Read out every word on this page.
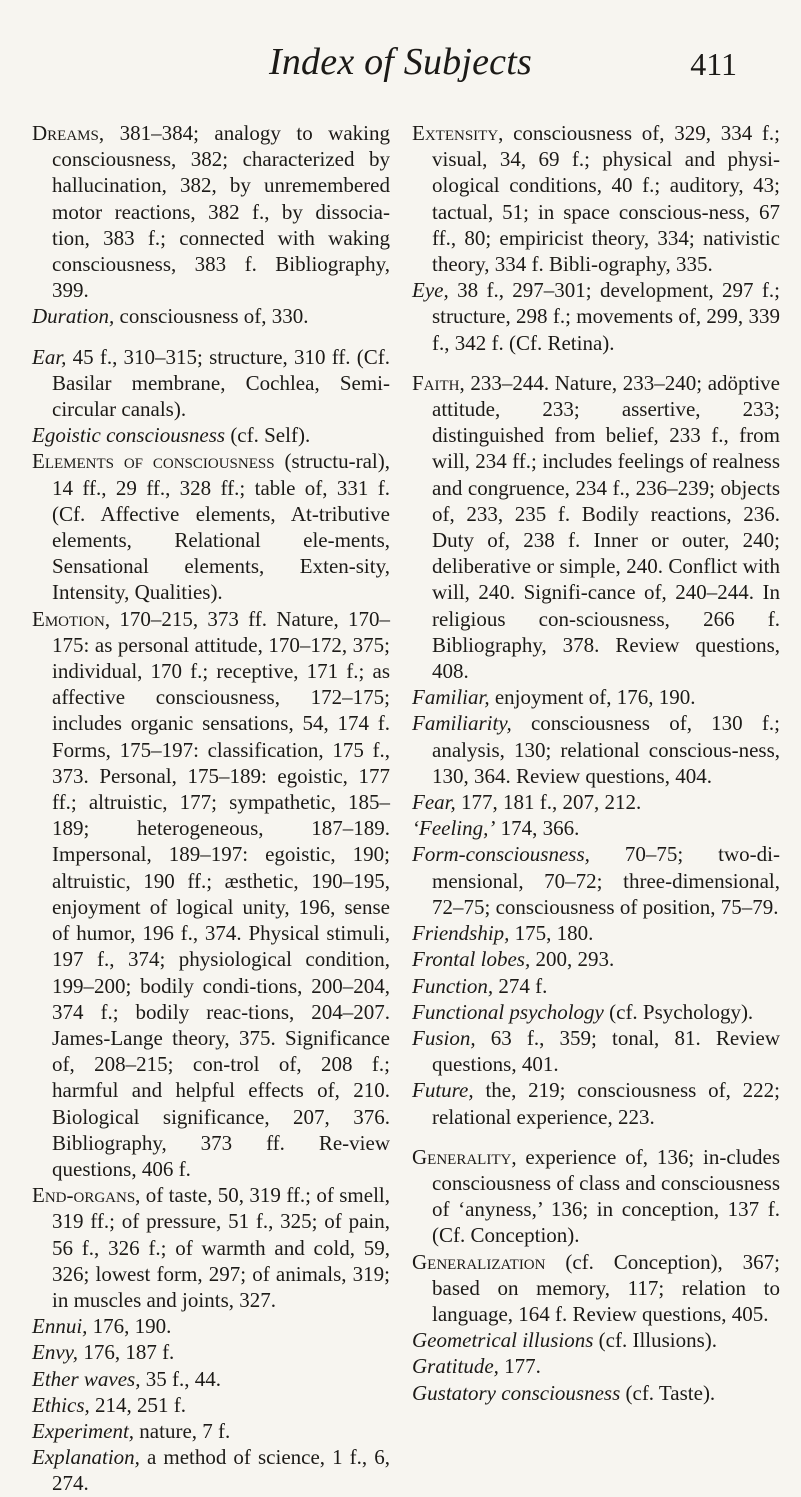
Index of Subjects	411

Dreams, 381–384; analogy to waking consciousness, 382; characterized by hallucination, 382, by unremembered motor reactions, 382 f., by dissocia-tion, 383 f.; connected with waking consciousness, 383 f. Bibliography, 399.

Duration, consciousness of, 330.

Ear, 45 f., 310–315; structure, 310 ff. (Cf. Basilar membrane, Cochlea, Semi-circular canals).

Egoistic consciousness (cf. Self).

Elements of consciousness (structu-ral), 14 ff., 29 ff., 328 ff.; table of, 331 f. (Cf. Affective elements, At-tributive elements, Relational ele-ments, Sensational elements, Exten-sity, Intensity, Qualities).

Emotion, 170–215, 373 ff. Nature, 170–175: as personal attitude, 170–172, 375; individual, 170 f.; receptive, 171 f.; as affective consciousness, 172–175; includes organic sensations, 54, 174 f. Forms, 175–197: classification, 175 f., 373. Personal, 175–189: egoistic, 177 ff.; altruistic, 177; sympathetic, 185–189; heterogeneous, 187–189. Impersonal, 189–197: egoistic, 190; altruistic, 190 ff.; æsthetic, 190–195, enjoyment of logical unity, 196, sense of humor, 196 f., 374. Physical stimuli, 197 f., 374; physiological condition, 199–200; bodily condi-tions, 200–204, 374 f.; bodily reac-tions, 204–207. James-Lange theory, 375. Significance of, 208–215; con-trol of, 208 f.; harmful and helpful effects of, 210. Biological significance, 207, 376. Bibliography, 373 ff. Re-view questions, 406 f.

End-organs, of taste, 50, 319 ff.; of smell, 319 ff.; of pressure, 51 f., 325; of pain, 56 f., 326 f.; of warmth and cold, 59, 326; lowest form, 297; of animals, 319; in muscles and joints, 327.

Ennui, 176, 190.

Envy, 176, 187 f.

Ether waves, 35 f., 44.

Ethics, 214, 251 f.

Experiment, nature, 7 f.

Explanation, a method of science, 1 f., 6, 274.

Extensity, consciousness of, 329, 334 f.; visual, 34, 69 f.; physical and physi-ological conditions, 40 f.; auditory, 43; tactual, 51; in space conscious-ness, 67 ff., 80; empiricist theory, 334; nativistic theory, 334 f. Bibli-ography, 335.

Eye, 38 f., 297–301; development, 297 f.; structure, 298 f.; movements of, 299, 339 f., 342 f. (Cf. Retina).

Faith, 233–244. Nature, 233–240; adöptive attitude, 233; assertive, 233; distinguished from belief, 233 f., from will, 234 ff.; includes feelings of realness and congruence, 234 f., 236–239; objects of, 233, 235 f. Bodily reactions, 236. Duty of, 238 f. Inner or outer, 240; deliberative or simple, 240. Conflict with will, 240. Signifi-cance of, 240–244. In religious con-sciousness, 266 f. Bibliography, 378. Review questions, 408.

Familiar, enjoyment of, 176, 190.

Familiarity, consciousness of, 130 f.; analysis, 130; relational conscious-ness, 130, 364. Review questions, 404.

Fear, 177, 181 f., 207, 212.

‘Feeling,’ 174, 366.

Form-consciousness, 70–75; two-di-mensional, 70–72; three-dimensional, 72–75; consciousness of position, 75–79.

Friendship, 175, 180.

Frontal lobes, 200, 293.

Function, 274 f.

Functional psychology (cf. Psychology).

Fusion, 63 f., 359; tonal, 81. Review questions, 401.

Future, the, 219; consciousness of, 222; relational experience, 223.

Generality, experience of, 136; in-cludes consciousness of class and consciousness of ‘anyness,’ 136; in conception, 137 f. (Cf. Conception).

Generalization (cf. Conception), 367; based on memory, 117; relation to language, 164 f. Review questions, 405.

Geometrical illusions (cf. Illusions).

Gratitude, 177.

Gustatory consciousness (cf. Taste).
